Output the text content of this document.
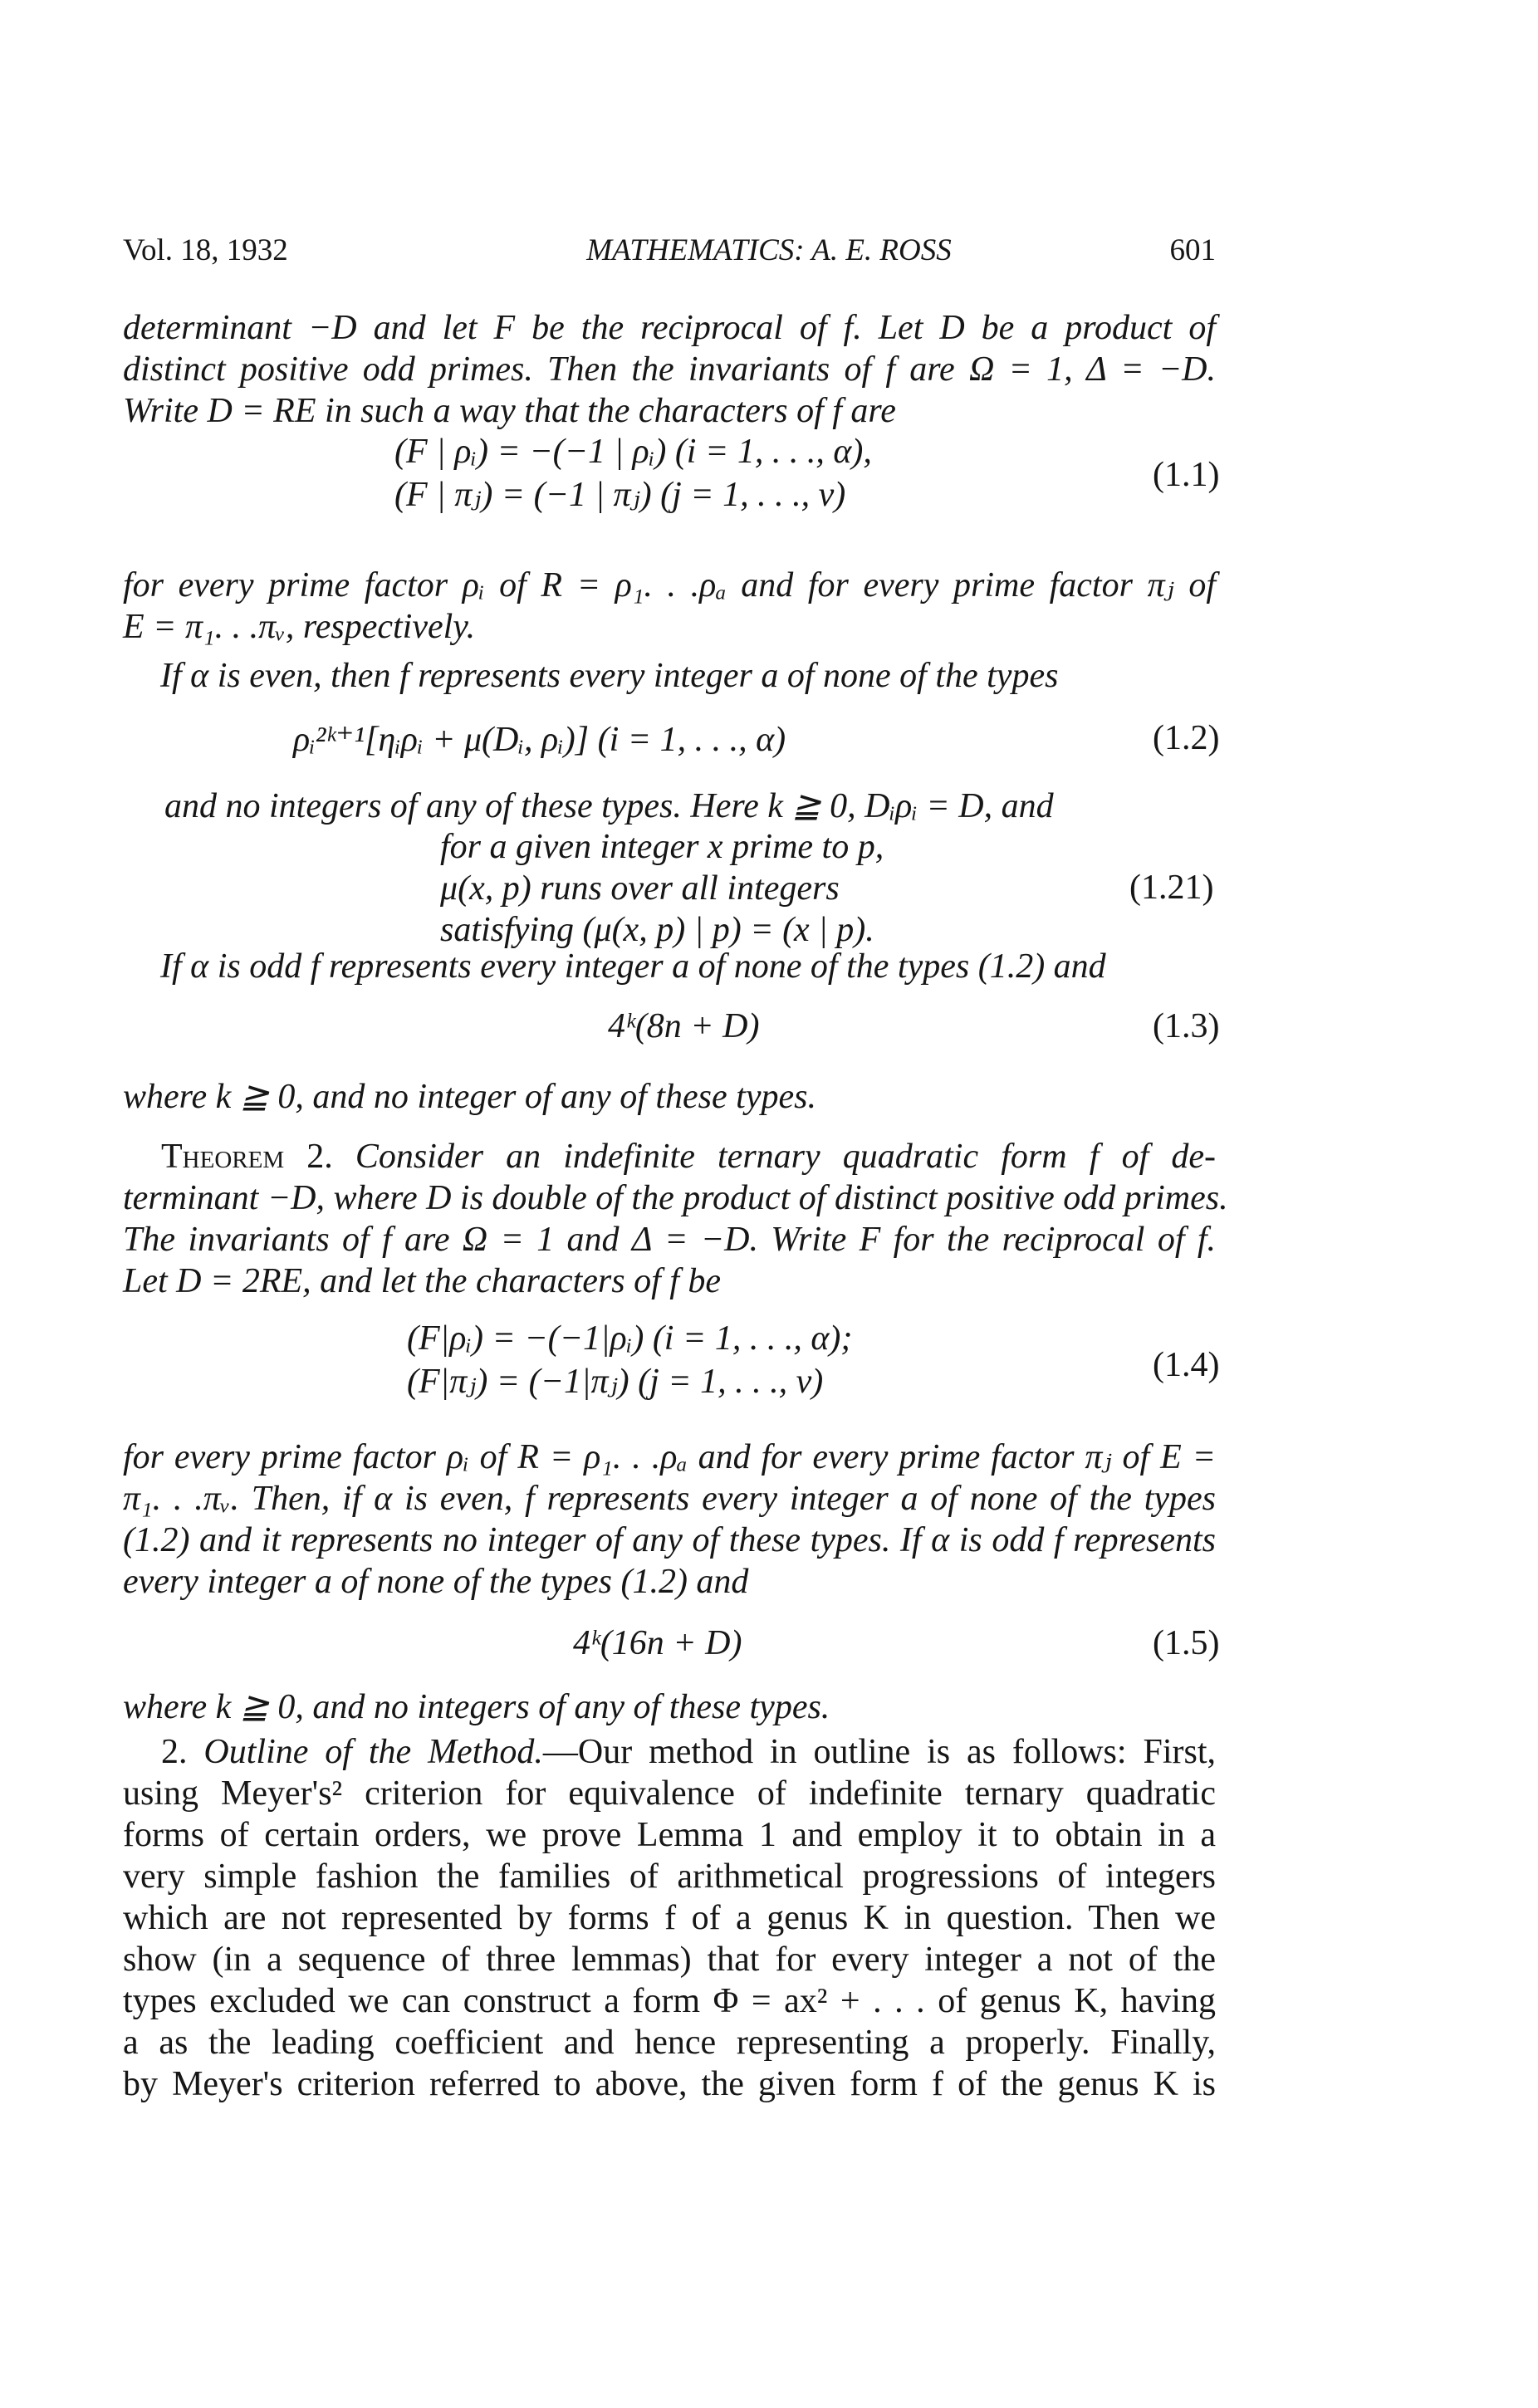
Vol. 18, 1932	MATHEMATICS: A. E. ROSS	601
determinant −D and let F be the reciprocal of f. Let D be a product of
distinct positive odd primes. Then the invariants of f are Ω = 1, Δ = −D.
Write D = RE in such a way that the characters of f are
(F | ρᵢ) = −(−1 | ρᵢ) (i = 1, . . ., α),
(F | πⱼ) = (−1 | πⱼ) (j = 1, . . ., v)
(1.1)
for every prime factor ρᵢ of R = ρ₁. . .ρₐ and for every prime factor πⱼ of
E = π₁. . .πᵥ, respectively.
If α is even, then f represents every integer a of none of the types
ρᵢ²ᵏ⁺¹[ηᵢρᵢ + μ(Dᵢ, ρᵢ)] (i = 1, . . ., α)	(1.2)
and no integers of any of these types. Here k ≧ 0, Dᵢρᵢ = D, and
for a given integer x prime to p,
μ(x, p) runs over all integers
satisfying (μ(x, p) | p) = (x | p).
(1.21)
If α is odd f represents every integer a of none of the types (1.2) and
4ᵏ(8n + D)	(1.3)
where k ≧ 0, and no integer of any of these types.
Theorem 2. Consider an indefinite ternary quadratic form f of de-
terminant −D, where D is double of the product of distinct positive odd primes.
The invariants of f are Ω = 1 and Δ = −D. Write F for the reciprocal of f.
Let D = 2RE, and let the characters of f be
(F|ρᵢ) = −(−1|ρᵢ) (i = 1, . . ., α);
(F|πⱼ) = (−1|πⱼ) (j = 1, . . ., v)	(1.4)
for every prime factor ρᵢ of R = ρ₁. . .ρₐ and for every prime factor πⱼ of E =
π₁. . .πᵥ. Then, if α is even, f represents every integer a of none of the types
(1.2) and it represents no integer of any of these types. If α is odd f represents
every integer a of none of the types (1.2) and
4ᵏ(16n + D)	(1.5)
where k ≧ 0, and no integers of any of these types.
2. Outline of the Method.—Our method in outline is as follows: First,
using Meyer's² criterion for equivalence of indefinite ternary quadratic
forms of certain orders, we prove Lemma 1 and employ it to obtain in a
very simple fashion the families of arithmetical progressions of integers
which are not represented by forms f of a genus K in question. Then we
show (in a sequence of three lemmas) that for every integer a not of the
types excluded we can construct a form Φ = ax² + . . . of genus K, having
a as the leading coefficient and hence representing a properly. Finally,
by Meyer's criterion referred to above, the given form f of the genus K is
